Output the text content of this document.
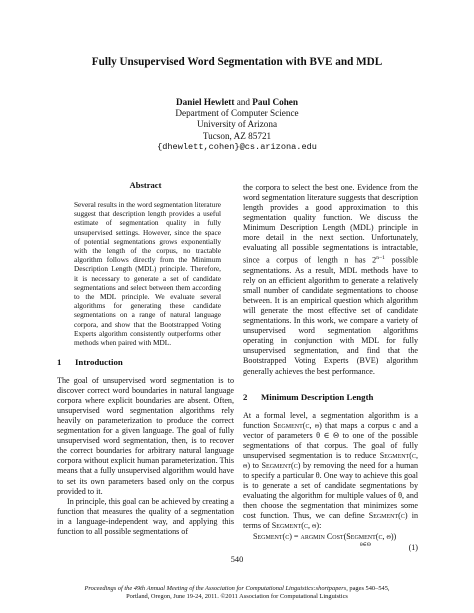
Fully Unsupervised Word Segmentation with BVE and MDL
Daniel Hewlett and Paul Cohen
Department of Computer Science
University of Arizona
Tucson, AZ 85721
{dhewlett,cohen}@cs.arizona.edu
Abstract

Several results in the word segmentation literature suggest that description length provides a useful estimate of segmentation quality in fully unsupervised settings. However, since the space of potential segmentations grows exponentially with the length of the corpus, no tractable algorithm follows directly from the Minimum Description Length (MDL) principle. Therefore, it is necessary to generate a set of candidate segmentations and select between them according to the MDL principle. We evaluate several algorithms for generating these candidate segmentations on a range of natural language corpora, and show that the Bootstrapped Voting Experts algorithm consistently outperforms other methods when paired with MDL.

1 Introduction

The goal of unsupervised word segmentation is to discover correct word boundaries in natural language corpora where explicit boundaries are absent. Often, unsupervised word segmentation algorithms rely heavily on parameterization to produce the correct segmentation for a given language. The goal of fully unsupervised word segmentation, then, is to recover the correct boundaries for arbitrary natural language corpora without explicit human parameterization. This means that a fully unsupervised algorithm would have to set its own parameters based only on the corpus provided to it.

In principle, this goal can be achieved by creating a function that measures the quality of a segmentation in a language-independent way, and applying this function to all possible segmentations of

the corpora to select the best one. Evidence from the word segmentation literature suggests that description length provides a good approximation to this segmentation quality function. We discuss the Minimum Description Length (MDL) principle in more detail in the next section. Unfortunately, evaluating all possible segmentations is intractable, since a corpus of length n has $2^{n-1}$ possible segmentations. As a result, MDL methods have to rely on an efficient algorithm to generate a relatively small number of candidate segmentations to choose between. It is an empirical question which algorithm will generate the most effective set of candidate segmentations. In this work, we compare a variety of unsupervised word segmentation algorithms operating in conjunction with MDL for fully unsupervised segmentation, and find that the Bootstrapped Voting Experts (BVE) algorithm generally achieves the best performance.

2 Minimum Description Length

At a formal level, a segmentation algorithm is a function Segment(c, θ) that maps a corpus c and a vector of parameters θ ∈ Θ to one of the possible segmentations of that corpus. The goal of fully unsupervised segmentation is to reduce Segment(c, θ) to Segment(c) by removing the need for a human to specify a particular θ. One way to achieve this goal is to generate a set of candidate segmentations by evaluating the algorithm for multiple values of θ, and then choose the segmentation that minimizes some cost function. Thus, we can define Segment(c) in terms of Segment(c, θ):

Segment(c) = argmin Cost(Segment(c, θ))
θ∈Θ	(1)
540
Proceedings of the 49th Annual Meeting of the Association for Computational Linguistics:shortpapers, pages 540–545,
Portland, Oregon, June 19-24, 2011. ©2011 Association for Computational Linguistics
